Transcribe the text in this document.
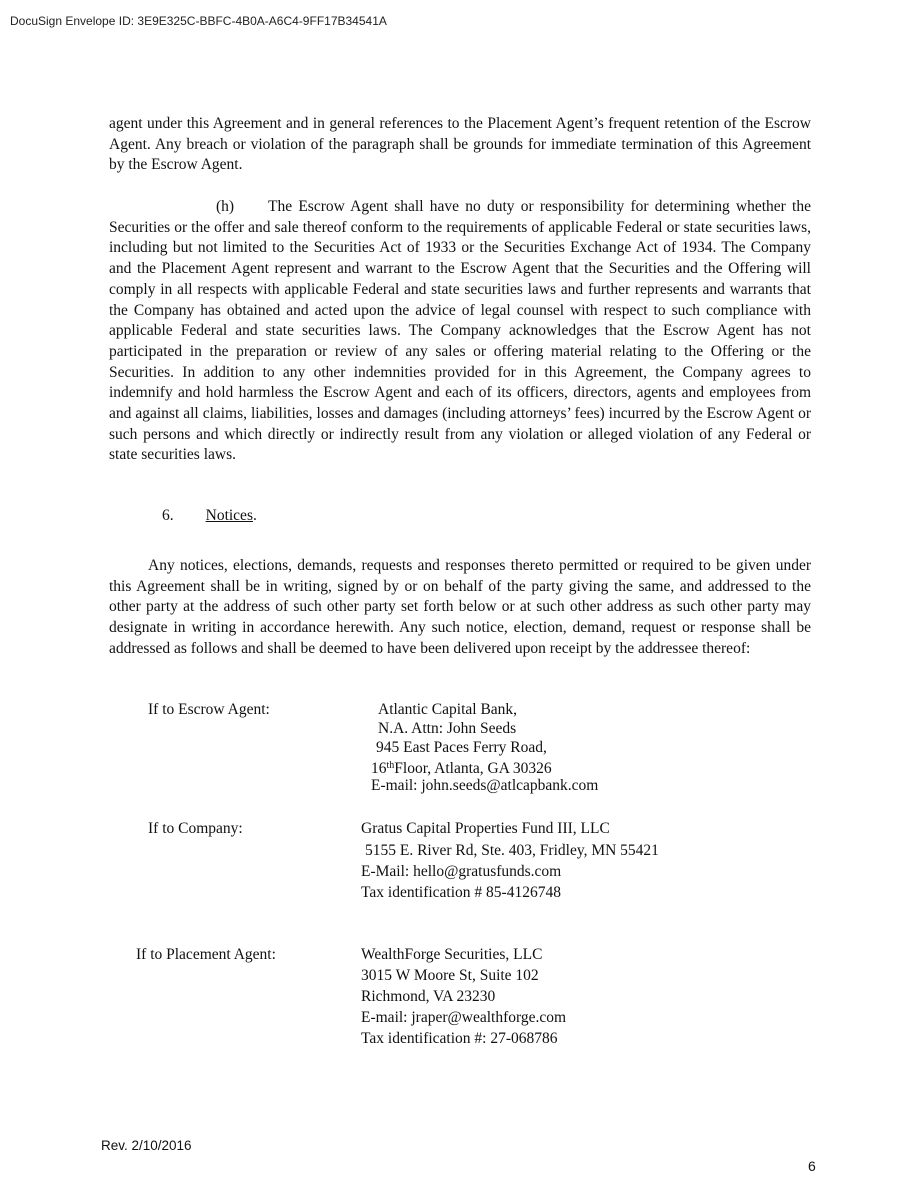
DocuSign Envelope ID: 3E9E325C-BBFC-4B0A-A6C4-9FF17B34541A

agent under this Agreement and in general references to the Placement Agent’s frequent retention of the Escrow Agent. Any breach or violation of the paragraph shall be grounds for immediate termination of this Agreement by the Escrow Agent.

(h) The Escrow Agent shall have no duty or responsibility for determining whether the Securities or the offer and sale thereof conform to the requirements of applicable Federal or state securities laws, including but not limited to the Securities Act of 1933 or the Securities Exchange Act of 1934. The Company and the Placement Agent represent and warrant to the Escrow Agent that the Securities and the Offering will comply in all respects with applicable Federal and state securities laws and further represents and warrants that the Company has obtained and acted upon the advice of legal counsel with respect to such compliance with applicable Federal and state securities laws. The Company acknowledges that the Escrow Agent has not participated in the preparation or review of any sales or offering material relating to the Offering or the Securities. In addition to any other indemnities provided for in this Agreement, the Company agrees to indemnify and hold harmless the Escrow Agent and each of its officers, directors, agents and employees from and against all claims, liabilities, losses and damages (including attorneys’ fees) incurred by the Escrow Agent or such persons and which directly or indirectly result from any violation or alleged violation of any Federal or state securities laws.

6. Notices.

Any notices, elections, demands, requests and responses thereto permitted or required to be given under this Agreement shall be in writing, signed by or on behalf of the party giving the same, and addressed to the other party at the address of such other party set forth below or at such other address as such other party may designate in writing in accordance herewith. Any such notice, election, demand, request or response shall be addressed as follows and shall be deemed to have been delivered upon receipt by the addressee thereof:

If to Escrow Agent:	Atlantic Capital Bank,
N.A. Attn: John Seeds
945 East Paces Ferry Road,
16thFloor, Atlanta, GA 30326
E-mail: john.seeds@atlcapbank.com
If to Company:	Gratus Capital Properties Fund III, LLC
5155 E. River Rd, Ste. 403, Fridley, MN 55421
E-Mail: hello@gratusfunds.com
Tax identification # 85-4126748
If to Placement Agent:	WealthForge Securities, LLC
3015 W Moore St, Suite 102
Richmond, VA 23230
E-mail: jraper@wealthforge.com
Tax identification #: 27-068786
Rev. 2/10/2016
6
